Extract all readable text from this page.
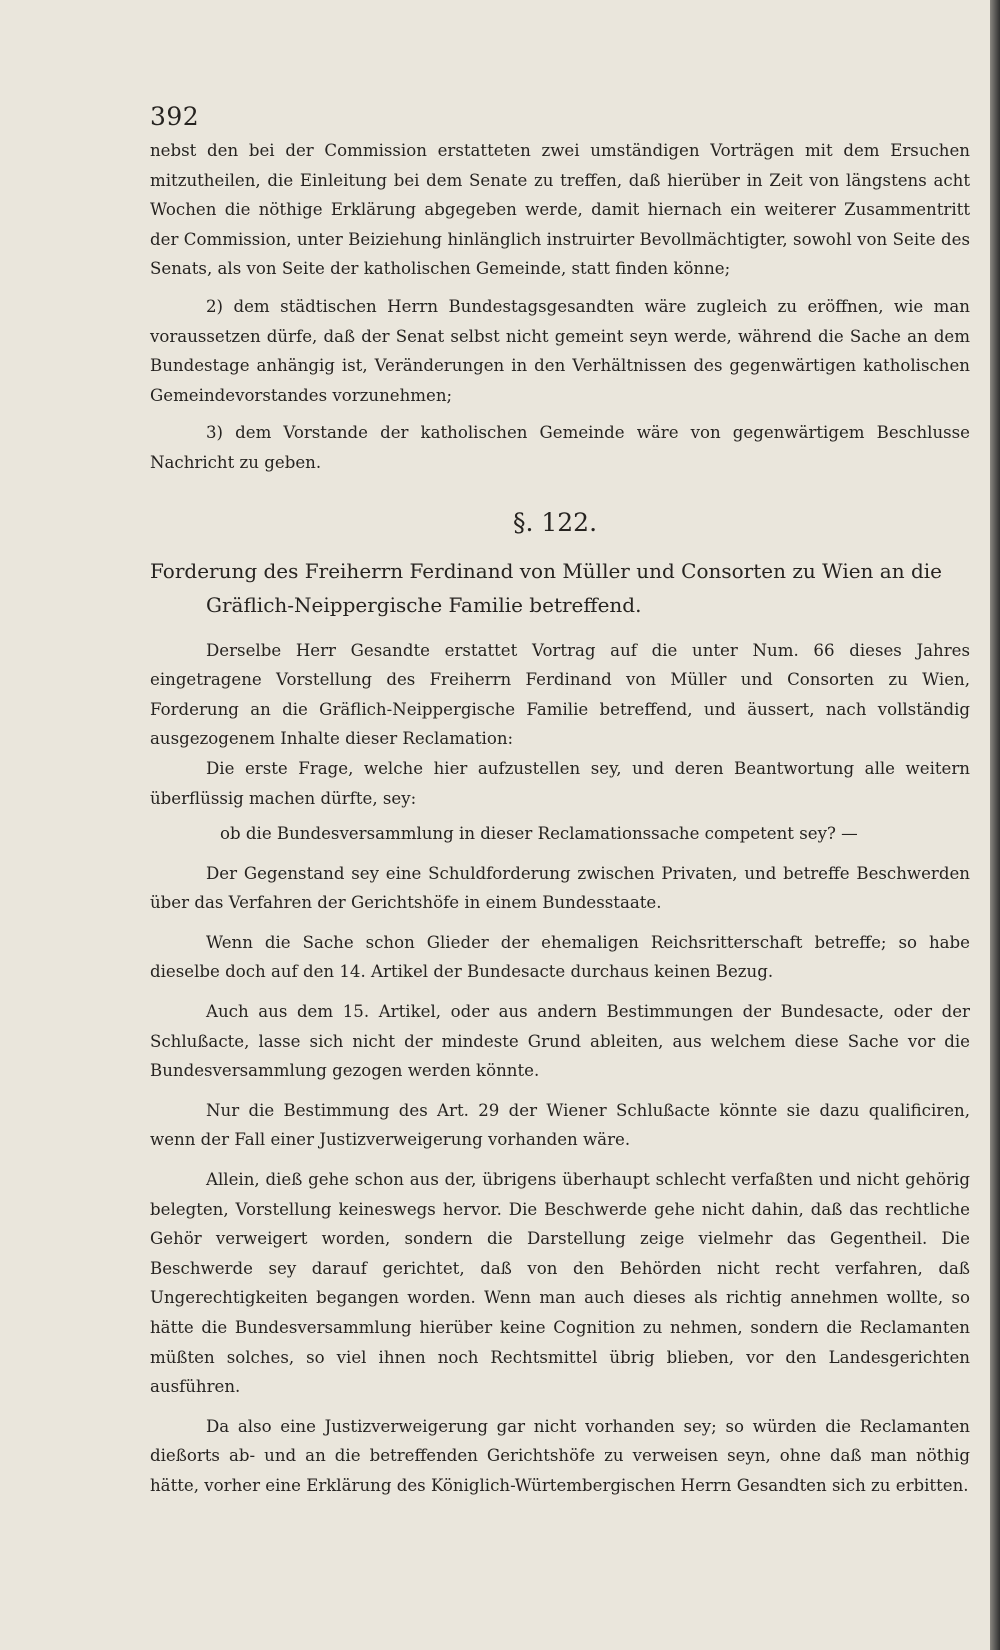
392

nebst den bei der Commission erstatteten zwei umständigen Vorträgen mit dem Ersuchen mitzutheilen, die Einleitung bei dem Senate zu treffen, daß hierüber in Zeit von längstens acht Wochen die nöthige Erklärung abgegeben werde, damit hiernach ein weiterer Zusammentritt der Commission, unter Beiziehung hinlänglich instruirter Bevollmächtigter, sowohl von Seite des Senats, als von Seite der katholischen Gemeinde, statt finden könne;

2) dem städtischen Herrn Bundestagsgesandten wäre zugleich zu eröffnen, wie man voraussetzen dürfe, daß der Senat selbst nicht gemeint seyn werde, während die Sache an dem Bundestage anhängig ist, Veränderungen in den Verhältnissen des gegenwärtigen katholischen Gemeindevorstandes vorzunehmen;

3) dem Vorstande der katholischen Gemeinde wäre von gegenwärtigem Beschlusse Nachricht zu geben.

§. 122.

Forderung des Freiherrn Ferdinand von Müller und Consorten zu Wien an die
Gräflich-Neippergische Familie betreffend.

Derselbe Herr Gesandte erstattet Vortrag auf die unter Num. 66 dieses Jahres eingetragene Vorstellung des Freiherrn Ferdinand von Müller und Consorten zu Wien, Forderung an die Gräflich-Neippergische Familie betreffend, und äussert, nach vollständig ausgezogenem Inhalte dieser Reclamation:

Die erste Frage, welche hier aufzustellen sey, und deren Beantwortung alle weitern überflüssig machen dürfte, sey:

ob die Bundesversammlung in dieser Reclamationssache competent sey? —

Der Gegenstand sey eine Schuldforderung zwischen Privaten, und betreffe Beschwerden über das Verfahren der Gerichtshöfe in einem Bundesstaate.

Wenn die Sache schon Glieder der ehemaligen Reichsritterschaft betreffe; so habe dieselbe doch auf den 14. Artikel der Bundesacte durchaus keinen Bezug.

Auch aus dem 15. Artikel, oder aus andern Bestimmungen der Bundesacte, oder der Schlußacte, lasse sich nicht der mindeste Grund ableiten, aus welchem diese Sache vor die Bundesversammlung gezogen werden könnte.

Nur die Bestimmung des Art. 29 der Wiener Schlußacte könnte sie dazu qualificiren, wenn der Fall einer Justizverweigerung vorhanden wäre.

Allein, dieß gehe schon aus der, übrigens überhaupt schlecht verfaßten und nicht gehörig belegten, Vorstellung keineswegs hervor. Die Beschwerde gehe nicht dahin, daß das rechtliche Gehör verweigert worden, sondern die Darstellung zeige vielmehr das Gegentheil. Die Beschwerde sey darauf gerichtet, daß von den Behörden nicht recht verfahren, daß Ungerechtigkeiten begangen worden. Wenn man auch dieses als richtig annehmen wollte, so hätte die Bundesversammlung hierüber keine Cognition zu nehmen, sondern die Reclamanten müßten solches, so viel ihnen noch Rechtsmittel übrig blieben, vor den Landesgerichten ausführen.

Da also eine Justizverweigerung gar nicht vorhanden sey; so würden die Reclamanten dießorts ab- und an die betreffenden Gerichtshöfe zu verweisen seyn, ohne daß man nöthig hätte, vorher eine Erklärung des Königlich-Würtembergischen Herrn Gesandten sich zu erbitten.
